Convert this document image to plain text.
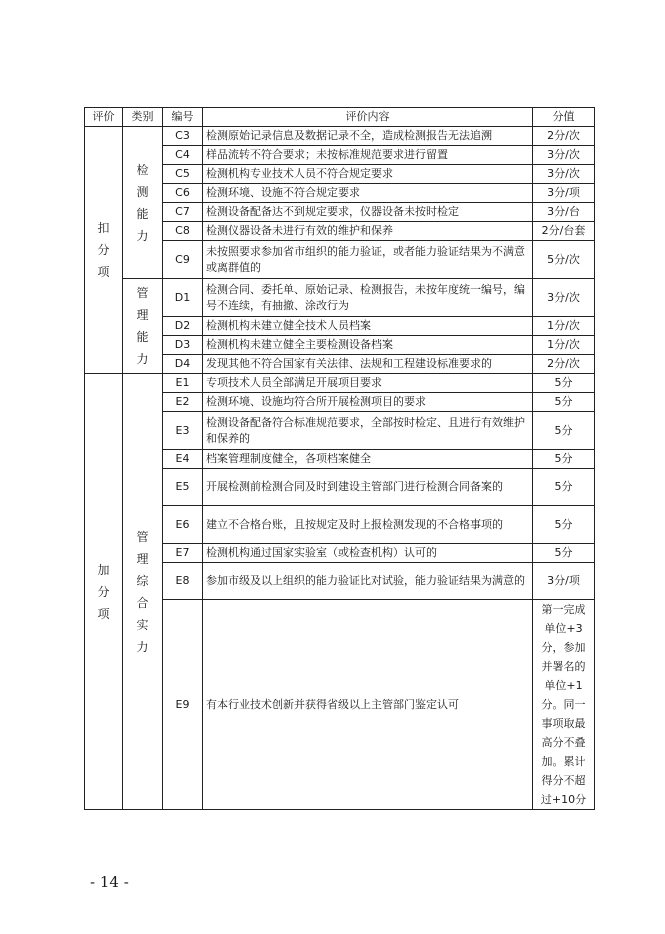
评价	类别	编号	评价内容	分值
扣分项	检测能力	C3	检测原始记录信息及数据记录不全，造成检测报告无法追溯	2分/次
		C4	样品流转不符合要求；未按标准规范要求进行留置	3分/次
		C5	检测机构专业技术人员不符合规定要求	3分/次
		C6	检测环境、设施不符合规定要求	3分/项
		C7	检测设备配备达不到规定要求，仪器设备未按时检定	3分/台
		C8	检测仪器设备未进行有效的维护和保养	2分/台套
		C9	未按照要求参加省市组织的能力验证，或者能力验证结果为不满意或离群值的	5分/次
	管理能力	D1	检测合同、委托单、原始记录、检测报告，未按年度统一编号，编号不连续，有抽撤、涂改行为	3分/次
		D2	检测机构未建立健全技术人员档案	1分/次
		D3	检测机构未建立健全主要检测设备档案	1分/次
		D4	发现其他不符合国家有关法律、法规和工程建设标准要求的	2分/次
加分项	管理综合实力	E1	专项技术人员全部满足开展项目要求	5分
		E2	检测环境、设施均符合所开展检测项目的要求	5分
		E3	检测设备配备符合标准规范要求，全部按时检定、且进行有效维护和保养的	5分
		E4	档案管理制度健全，各项档案健全	5分
		E5	开展检测前检测合同及时到建设主管部门进行检测合同备案的	5分
		E6	建立不合格台账，且按规定及时上报检测发现的不合格事项的	5分
		E7	检测机构通过国家实验室（或检查机构）认可的	5分
		E8	参加市级及以上组织的能力验证比对试验，能力验证结果为满意的	3分/项
		E9	有本行业技术创新并获得省级以上主管部门鉴定认可	第一完成单位+3分，参加并署名的单位+1分。同一事项取最高分不叠加。累计得分不超过+10分
- 14 -
